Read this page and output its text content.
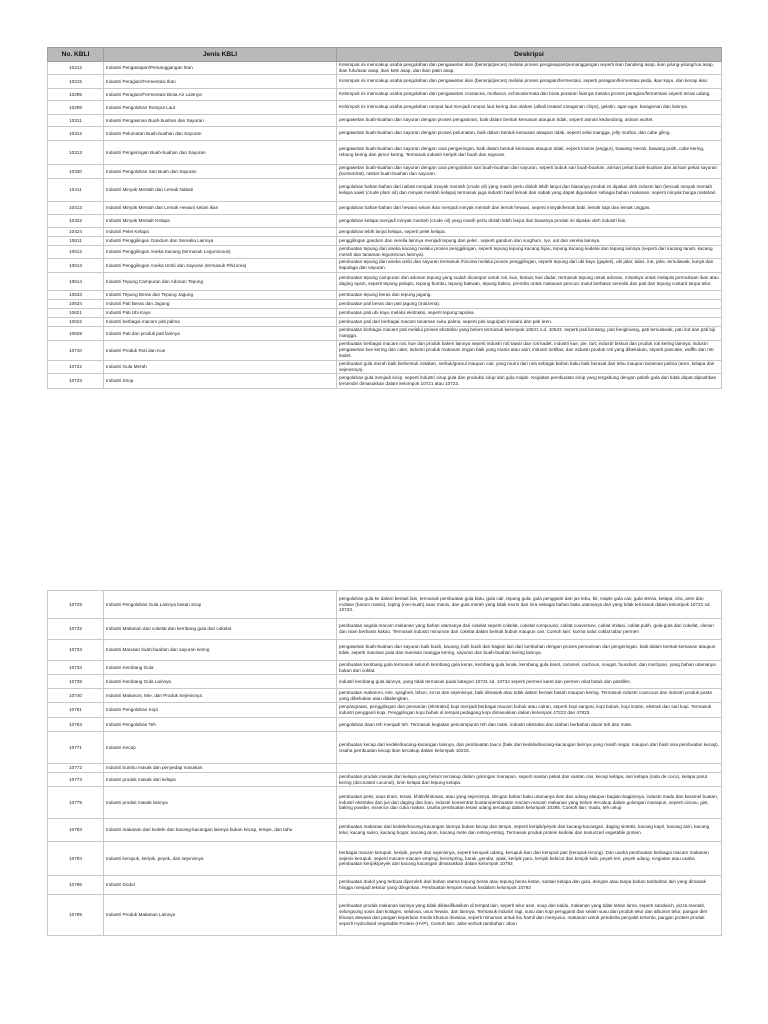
No. KBLI	Jenis KBLI	Deskripsi
10212	Industri Pengasapan/Pemanggangan Ikan	Kelompok ini mencakup usaha pengolahan dan pengawetan ikan (bersirip/pisces) melalui proses pengasapan/pemanggangan seperti ikan bandeng asap, ikan julung-julung/roa asap, ikan fufu/asar asap, ikan kele asap, dan ikan patin asap.
10215	Industri Peragian/Fermentasi Ikan	Kelompok ini mencakup usaha pengolahan dan pengawetan ikan (bersirip/pisces) melalui proses peragian/fermentasi, seperti peragian/fermentasi peda, ikan kayu, dan kecap ikan.
10295	Industri Peragian/Fermentasi Biota Air Lainnya	Kelompok ini mencakup usaha pengolahan dan pengawetan crustacea, mollusca, echinodermata dan biota perairan lainnya melalui proses peragian/fermentasi seperti terasi udang.
10298	Industri Pengolahan Rumput Laut	Kelompok ini mencakup usaha pengolahan rumput laut menjadi rumput laut kering dan olahan (alkali treated caragenan chips), gelatin, agar-agar, karagenan dan lainnya.
10311	Industri Pengasinan Buah-buahan dan Sayuran	pengawetan buah-buahan dan sayuran dengan proses pengasinan, baik dalam bentuk kemasan ataupun tidak, seperti asinan kedondong, asinan wortel.
10312	Industri Pelumatan Buah-buahan dan Sayuran	pengawetan buah-buahan dan sayuran dengan proses pelumatan, baik dalam bentuk kemasan ataupun tidak, seperti selai mangga, jelly murbai, dan cabe giling.
10313	Industri Pengeringan Buah-buahan dan Sayuran	pengawetan buah-buahan dan sayuran dengan cara pengeringan, baik dalam bentuk kemasan ataupun tidak, seperti kismis (anggur), bawang merah, bawang putih, cabe kering, rebung kering dan jamur kering. Termasuk industri keripik dari buah dan sayuran.
10330	Industri Pengolahan Sari Buah dan Sayuran	pengawetan buah-buahan dan sayuran dengan cara pengolahan sari buah-buahan dan sayuran, seperti bubuk sari buah-buahan, air/sari pekat buah-buahan dan air/sari pekat sayuran (konsentrat), nektar buah-buahan dan sayuran.
10411	Industri Minyak Mentah dan Lemak Nabati	pengolahan bahan-bahan dari nabati menjadi minyak mentah (crude oil) yang masih perlu diolah lebih lanjut dan biasanya produk ini dipakai oleh industri lain (kecuali minyak mentah kelapa sawit (crude plam oil) dan minyak mentah kelapa) termasuk juga industri hasil lemak dari nabati yang dapat digunakan sebagai bahan makanan, seperti minyak bunga matahari.
10413	Industri Minyak Mentah dan Lemak Hewani selain ikan	pengolahan bahan-bahan dari hewani selain ikan menjadi minyak mentah dan lemak hewani, seperti minyak/lemak babi, lemak sapi dan lemak unggas.
10422	Industri Minyak Mentah Kelapa	pengolahan kelapa menjadi minyak mentah (crude oil) yang masih perlu diolah lebih lanjut dan biasanya produk ini dipakai oleh industri lain.
10424	Industri Pelet Kelapa	pengolahan lebih lanjut kelapa, seperti pelet kelapa.
10611	Industri Penggilingan Gandum dan Serealia Lainnya	penggilingan gandum dan serelia lainnya menjadi tepung dan pelet , seperti gandum dan sorghum, rye, oat dan serelia lainnya.
10612	Industri Penggilingan Aneka Kacang (termasuk Leguminous)	pembuatan tepung dari aneka kacang melalui proses penggilingan, seperti tepung tepung kacang hijau, tepung kacang kedelai dan tepung lainnya (seperti dari kacang tanah, kacang merah dan tanaman leguminous lainnya).
10613	Industri Penggilingan Aneka Umbi dan Sayuran (termasuk Rhizoma)	pembuatan tepung dari aneka umbi dan sayuran termasuk rhizoma melalui proses penggilingan, seperti tepung dari ubi kayu (gaplek), ubi jalar, talas, irut, jahe, temulawak, kunyit dan kapulaga dan sayuran.
10614	Industri Tepung Campuran dan Adonan Tepung	pembuatan tepung campuran dan adonan tepung yang sudah dicampur untuk roti, kue, biskuit, kue dadar, termasuk tepung untuk adonan, misalnya untuk melapisi permukaan ikan atau daging ayam, seperti tepung pelapis, tepung bumbu, tepung bakwan, tepung bakso, premiks untuk makanan pencuci mulut berbasis serealia dan pati dan tepung custard tanpa telur.
10633	Industri Tepung Beras dan Tepung Jagung	pembuatan tepung beras dan tepung jagung.
10634	Industri Pati Beras dan Jagung	pembuatan pati beras dan pati jagung (maizena).
10621	Industri Pati Ubi Kayu	pembuatan pati ubi kayu melalui ekstraksi, seperti tepung tapioka.
10622	Industri berbagai macam pati palma	pembuatan pati dari berbagai macam tanaman suku palma, seperti pati sagu/pati mutiara dan pati aren.
10629	Industri Pati dan produk pati lainnya	pembuatan berbagai macam pati melalui proses ekstraksi yang belum termasuk kelompok 10621 s.d. 10623, seperti pati kentang, pati bengkoang, pati temulawak, pati irut dan pati biji mangga.
10710	Industri Produk Roti dan Kue	pembuatan berbagai macam roti, kue dan produk bakeri lainnya seperti industri roti tawar dan roti kadet; industri kue, pie, tart; industri biskuit dan produk roti kering lainnya; industri pengawetan kue kering dan cake; industri produk makanan ringan baik yang manis atau asin; industri tortillas; dan industri produk roti yang dibekukan, seperti pancake, waffle dan roti kadet.
10722	Industri Gula Merah	pembuatan gula merah baik berbentuk cetakan, serbuk/granul maupun cair, yang murni dari nira sebagai bahan baku baik berasal dari tebu maupun tanaman palma (aren, kelapa dan sejenisnya).
10723	Industri Sirop	pengolahan gula menjadi sirop, seperti industri sirup gula dan produksi sirup dan gula maple. Kegiatan pembuatan sirop yang tergabung dengan pabrik gula dan tidak dapat dipisahkan tersendiri dimasukkan dalam kelompok 10721 atau 10722.
10729	Industri Pengolahan Gula Lainnya bukan sirop	pengolahan gula ke dalam bentuk lain, termasuk pembuatan gula batu, gula cair, tepung gula, gula pengganti dari jus tebu, bit, maple gula cair, gula stevia, kelapa, nira, aren dan molase (harum manis), toping (non-buah) saus manis, dan gula merah yang tidak murni dari nira sebagai bahan baku utamanya dan yang tidak termasuk dalam kelompok 10721 sd. 10723.
10732	Industri Makanan dari cokelat dan kembang gula dari cokelat	pembuatan segala macam makanan yang bahan utamanya dari cokelat seperti cokelat, cokelat compound, coklat couverture, coklat imitasi, coklat putih, gula-gula dari cokelat, olesan dan isian berbasis kakao. Termasuk industri minuman dari cokelat dalam bentuk bubuk maupun cair. Contoh lain: kurma salut coklat tabur permen
10733	Industri Manisan buah-buahan dan sayuran kering	pengawetan buah-buahan dan sayuran baik buah, kacang, kulit buah dan bagian lain dari tumbuhan dengan proses pemanisan dan pengeringan, baik dalam bentuk kemasan ataupun tidak, seperti manisan pala dan manisan mangga kering, sayuran dan buah-buahan kering lainnya.
10734	Industri Kembang Gula	pembuatan kembang gula termasuk seluruh kembang gula keras, kembang gula lunak, kembang gula karet, caramel, cachous, nougat, foundant, dan marzipan, yang bahan utamanya bukan dari coklat.
10739	Industri Kembang Gula Lainnya	industri kembang gula lainnya, yang tidak termasuk pada kategori 10731 sd. 10734 seperti permen karet dan permen obat batuk dan pastilles.
10740	Industri Makaroni, Mie, dan Produk Sejenisnya	pembuatan makaroni, mie, spagheti, bihun, so'un dan sejenisnya, baik dimasak atau tidak dalam bentuk basah maupun kering. Termasuk industri couscous dan industri produk pasta yang dibekukan atau dikalengkan.
10761	Industri Pengolahan Kopi	penyangraian, penggilingan dan pensarian (ekstraksi) kopi menjadi berbagai macam bubuk atau cairan, seperti kopi sangrai, kopi bubuk, kopi instan, ekstrak dan sari kopi. Termasuk industri pengganti kopi. Penggilingan kopi bubuk di tempat pedagang kopi dimasukkan dalam kelompok 47222 dan 47823.
10763	Industri Pengolahan Teh	pengolahan daun teh menjadi teh. Termasuk kegiatan pencampuran teh dan mate, industri ekstraksi dan olahan berbahan dasar teh dan mate.
10771	Industri Kecap	pembuatan kecap dari kedele/kacang-kacangan lainnya, dan pembuatan tauco (baik dari kedelai/kacang-kacangan lainnya yang masih segar, maupun dari hasil sisa pembuatan kecap). Usaha pembuatan kecap ikan tercakup dalam kelompok 10215.
10772	Industri bumbu masak dan penyedap masakan	
10773	Industri produk masak dari kelapa	pembuatan produk masak dari kelapa yang belum tercakup dalam golongan manapun, seperti santan pekat dan santan cair, kecap kelapa, sari kelapa (nata de coco), kelapa parut kering (diccicated coconut), krim kelapa dan tepung kelapa.
10779	Industri produk masak lainnya	pembuatan petis, saus tiram, terasi, khitin/khitosan, atau yang sejenisnya, dengan bahan baku utamanya ikan dan udang ataupun bagian-bagiannya, industri madu dan karamel buatan, industri ekstraksi dan jus dari daging dan ikan, industri konsentrat buatan/pembuatan macam-macam makanan yang belum tercakup dalam golongan manapun, seperti cincau, gist, baking powder, essence dan cuka makan. Usaha pembuatan terasi udang tercakup dalam kelompok 10295. Contoh lain: madu, teh celup
10793	Industri makanan dari kedele dan kacang-kacangan lainnya bukan kecap, tempe, dan tahu	pembuatan makanan dari kedele/kacang-kacangan lainnya bukan kecap dan tempe, seperti keripik/peyek dari kacang-kacangan, daging sintetis, kacang kapri, kacang asin, kacang telur, kacang sukro, kacang bogor, kacang atom, kacang mete dan enting-enting. Termasuk produk protein kedelai dan texturized vegetable protein.
10794	Industri kerupuk, keripik, peyek, dan sejenisnya	berbagai macam kerupuk, keripik, peyek dan sejenisnya, seperti kerupuk udang, kerupuk ikan dan kerupuk pati (kerupuk terung). Dan usaha pembuatan berbagai macam makanan sejenis kerupuk, seperti macam-macam emping, kecimpring, karak, gendar, opak, keripik paru, keripik bekicot dan keripik kulit, peyek teri, peyek udang. Kegiatan atau usaha pembuatan keripik/peyek dari kacang kacangan dimasukkan dalam kelompok 10793
10796	Industri Dodol	pembuatan dodol yang terbuat diperoleh dari bahan utama tepung beras atau tepung beras ketan, santan kelapa dan gula, dengan atau tanpa bahan tambahan lain yang dimasak hingga menjadi tekstur yang diinginkan. Pembuatan lempok masuk kedalam kelompok 10792
10799	Industri Produk Makanan Lainnya	pembuatan produk makanan lainnya yang tidak diklasifikasikan di tempat lain, seperti telur asin, soup dan kaldu, makanan yang tidak tahan lama, seperti sandwich, pizza mentah, selongsong sosis dari kolagen, selulosa, usus hewan, dan lainnya. Termasuk industri ragi, susu dan kopi pengganti dan selain susu dan produk telur dan albumin telur, pangan diet khusus dewasa dan pangan keperluan medis khusus dewasa, seperti minuman untuk ibu hamil dan menyusui, makanan untuk penderita penyakit tertentu, pangan protein produk seperti Hydrolised Vegetable Protein (HVP). Contoh lain: Jahe serbuk tambahan: abon
